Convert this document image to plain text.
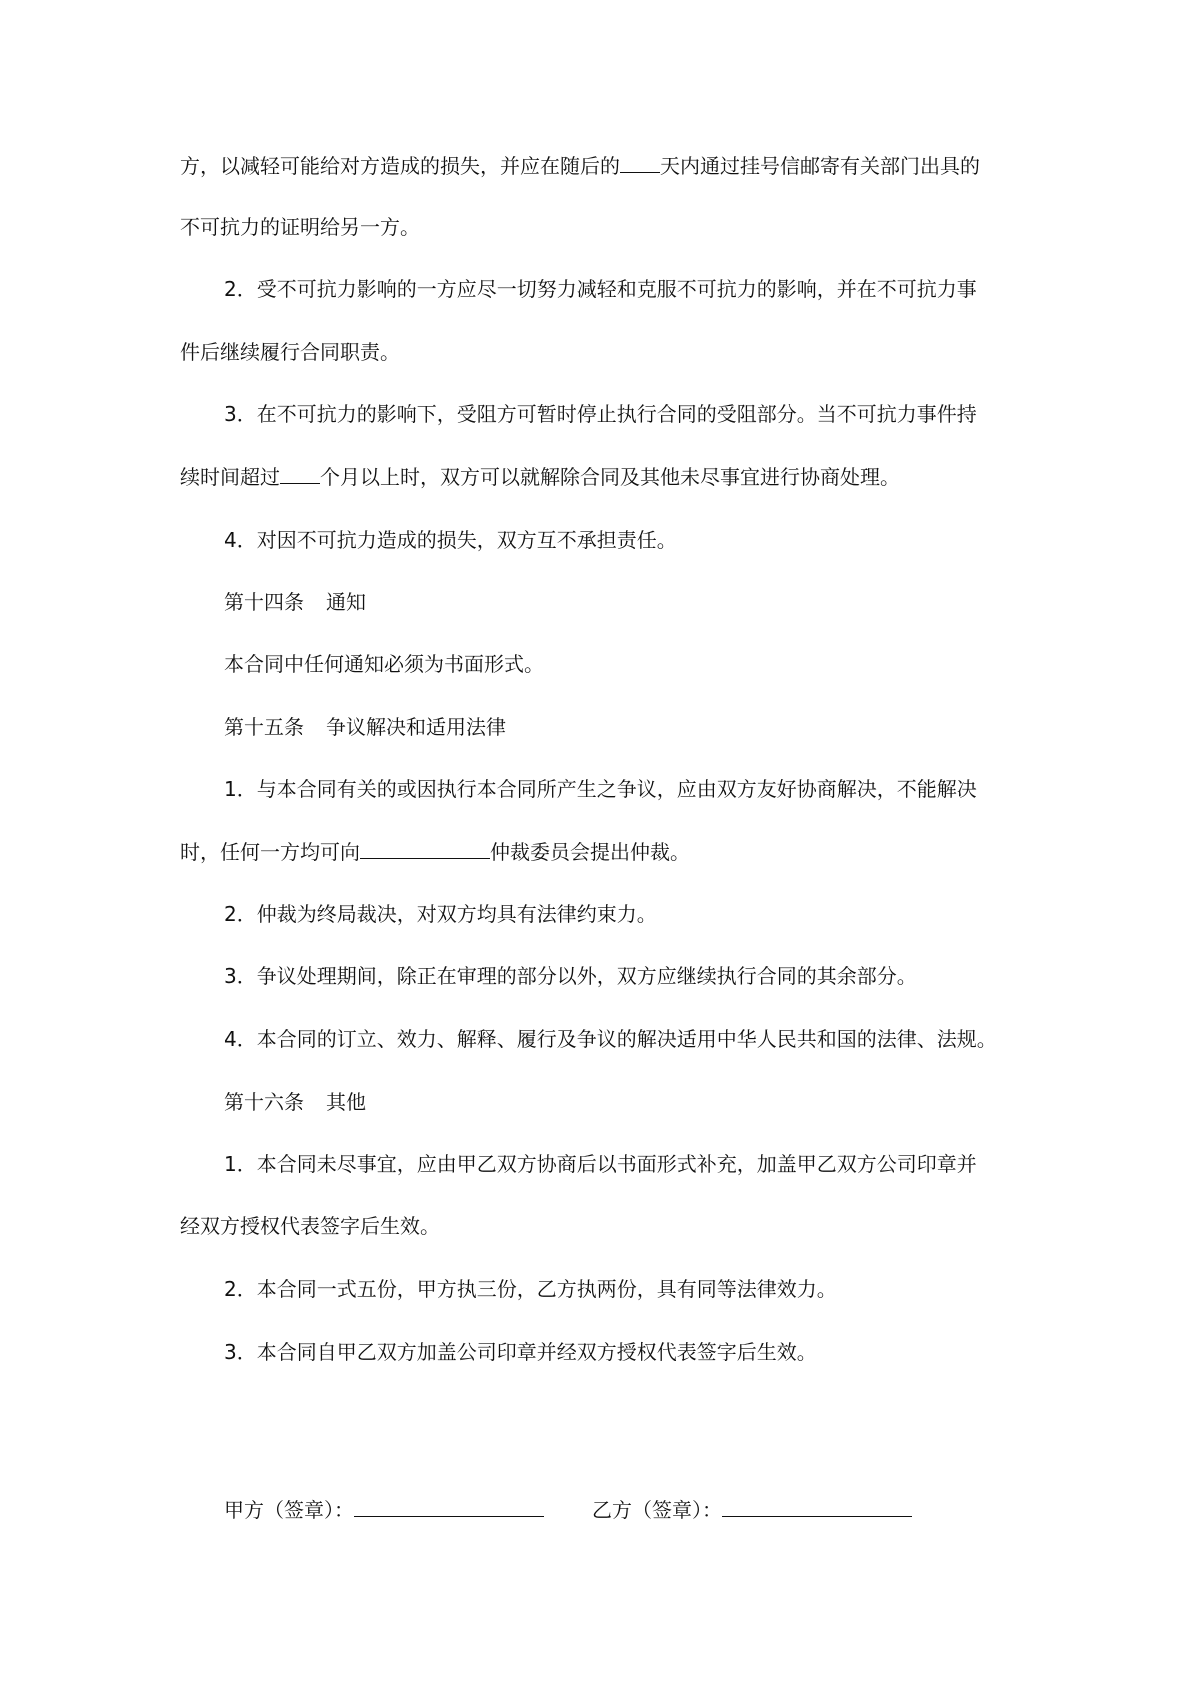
方，以减轻可能给对方造成的损失，并应在随后的 天内通过挂号信邮寄有关部门出具的
不可抗力的证明给另一方。
2．受不可抗力影响的一方应尽一切努力减轻和克服不可抗力的影响，并在不可抗力事
件后继续履行合同职责。
3．在不可抗力的影响下，受阻方可暂时停止执行合同的受阻部分。当不可抗力事件持
续时间超过 个月以上时，双方可以就解除合同及其他未尽事宜进行协商处理。
4．对因不可抗力造成的损失，双方互不承担责任。
第十四条 通知
本合同中任何通知必须为书面形式。
第十五条 争议解决和适用法律
1．与本合同有关的或因执行本合同所产生之争议，应由双方友好协商解决，不能解决
时，任何一方均可向	仲裁委员会提出仲裁。
2．仲裁为终局裁决，对双方均具有法律约束力。
3．争议处理期间，除正在审理的部分以外，双方应继续执行合同的其余部分。
4．本合同的订立、效力、解释、履行及争议的解决适用中华人民共和国的法律、法规。
第十六条 其他
1．本合同未尽事宜，应由甲乙双方协商后以书面形式补充，加盖甲乙双方公司印章并
经双方授权代表签字后生效。
2．本合同一式五份，甲方执三份，乙方执两份，具有同等法律效力。
3．本合同自甲乙双方加盖公司印章并经双方授权代表签字后生效。
甲方（签章）：	乙方（签章）：
